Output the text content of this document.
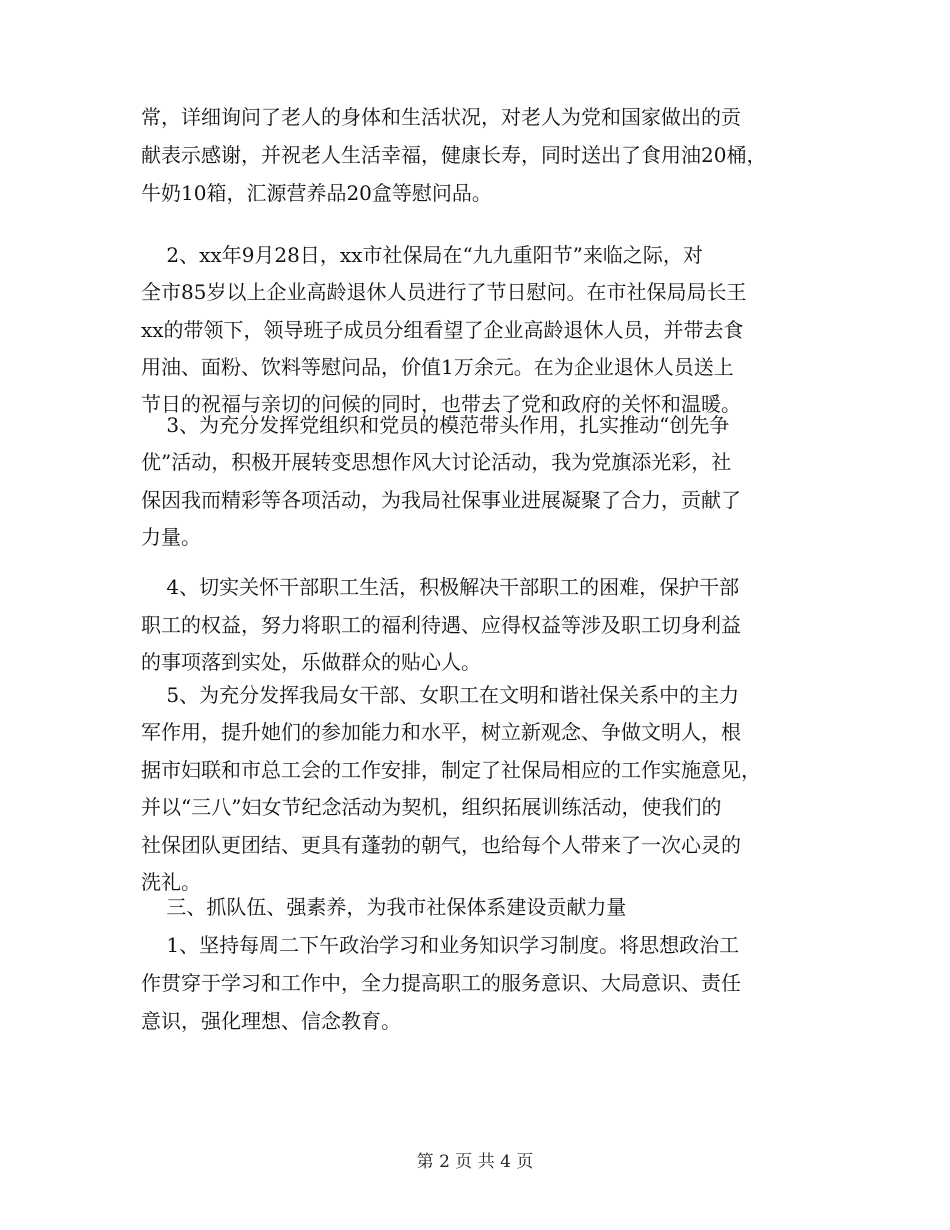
常，详细询问了老人的身体和生活状况，对老人为党和国家做出的贡
献表示感谢，并祝老人生活幸福，健康长寿，同时送出了食用油20桶，
牛奶10箱，汇源营养品20盒等慰问品。
2、xx年9月28日，xx市社保局在“九九重阳节”来临之际，对
全市85岁以上企业高龄退休人员进行了节日慰问。在市社保局局长王
xx的带领下，领导班子成员分组看望了企业高龄退休人员，并带去食
用油、面粉、饮料等慰问品，价值1万余元。在为企业退休人员送上
节日的祝福与亲切的问候的同时，也带去了党和政府的关怀和温暖。
3、为充分发挥党组织和党员的模范带头作用，扎实推动“创先争
优”活动，积极开展转变思想作风大讨论活动，我为党旗添光彩，社
保因我而精彩等各项活动，为我局社保事业进展凝聚了合力，贡献了
力量。
4、切实关怀干部职工生活，积极解决干部职工的困难，保护干部
职工的权益，努力将职工的福利待遇、应得权益等涉及职工切身利益
的事项落到实处，乐做群众的贴心人。
5、为充分发挥我局女干部、女职工在文明和谐社保关系中的主力
军作用，提升她们的参加能力和水平，树立新观念、争做文明人，根
据市妇联和市总工会的工作安排，制定了社保局相应的工作实施意见，
并以“三八”妇女节纪念活动为契机，组织拓展训练活动，使我们的
社保团队更团结、更具有蓬勃的朝气，也给每个人带来了一次心灵的
洗礼。
三、抓队伍、强素养，为我市社保体系建设贡献力量
1、坚持每周二下午政治学习和业务知识学习制度。将思想政治工
作贯穿于学习和工作中，全力提高职工的服务意识、大局意识、责任
意识，强化理想、信念教育。
第 2 页 共 4 页
